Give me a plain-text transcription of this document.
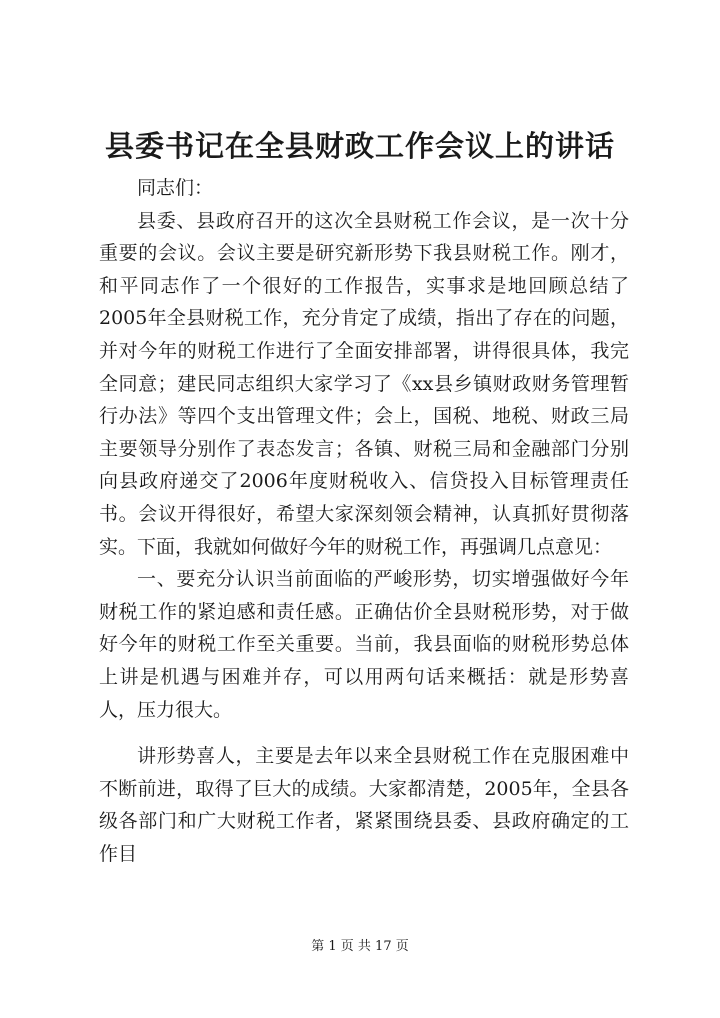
县委书记在全县财政工作会议上的讲话

同志们：

县委、县政府召开的这次全县财税工作会议，是一次十分重要的会议。会议主要是研究新形势下我县财税工作。刚才，和平同志作了一个很好的工作报告，实事求是地回顾总结了2005年全县财税工作，充分肯定了成绩，指出了存在的问题，并对今年的财税工作进行了全面安排部署，讲得很具体，我完全同意；建民同志组织大家学习了《xx县乡镇财政财务管理暂行办法》等四个支出管理文件；会上，国税、地税、财政三局主要领导分别作了表态发言；各镇、财税三局和金融部门分别向县政府递交了2006年度财税收入、信贷投入目标管理责任书。会议开得很好，希望大家深刻领会精神，认真抓好贯彻落实。下面，我就如何做好今年的财税工作，再强调几点意见：

一、要充分认识当前面临的严峻形势，切实增强做好今年财税工作的紧迫感和责任感。正确估价全县财税形势，对于做好今年的财税工作至关重要。当前，我县面临的财税形势总体上讲是机遇与困难并存，可以用两句话来概括：就是形势喜人，压力很大。

讲形势喜人，主要是去年以来全县财税工作在克服困难中不断前进，取得了巨大的成绩。大家都清楚，2005年，全县各级各部门和广大财税工作者，紧紧围绕县委、县政府确定的工作目

第 1 页 共 17 页
